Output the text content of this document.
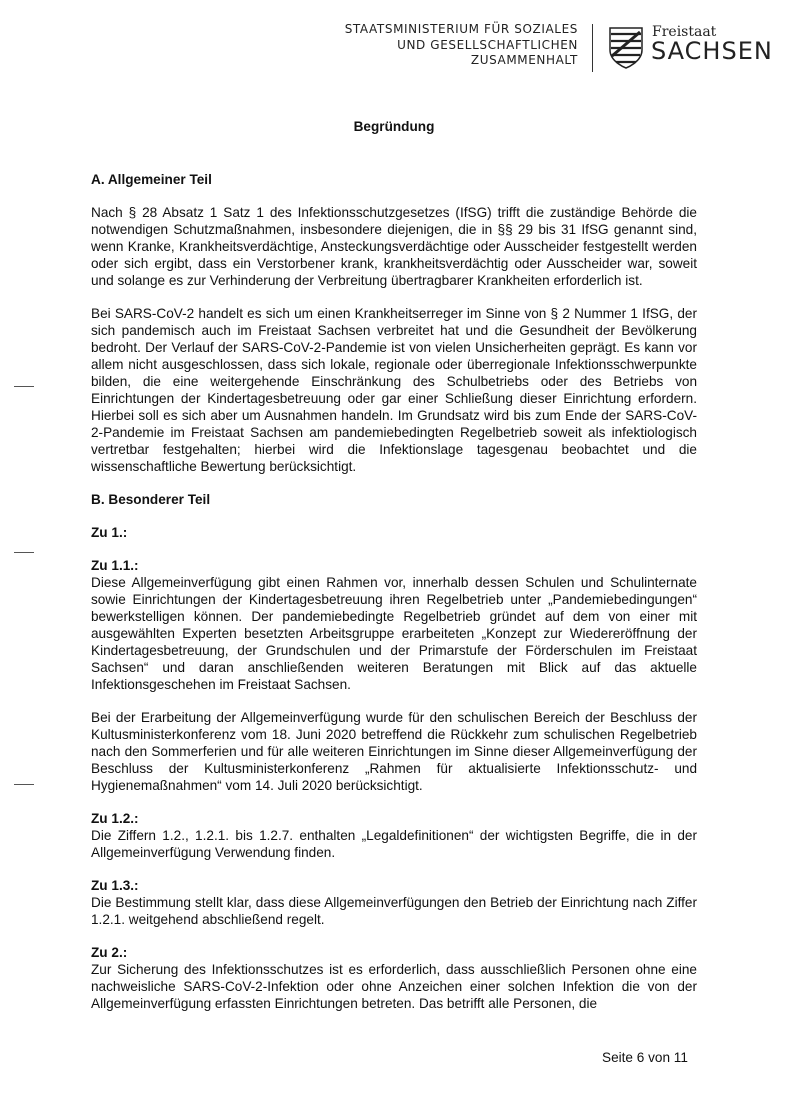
STAATSMINISTERIUM FÜR SOZIALES
UND GESELLSCHAFTLICHEN
ZUSAMMENHALT
Freistaat
SACHSEN
Begründung
A. Allgemeiner Teil
Nach § 28 Absatz 1 Satz 1 des Infektionsschutzgesetzes (IfSG) trifft die zuständige Behörde die notwendigen Schutzmaßnahmen, insbesondere diejenigen, die in §§ 29 bis 31 IfSG genannt sind, wenn Kranke, Krankheitsverdächtige, Ansteckungsverdächtige oder Ausscheider festgestellt werden oder sich ergibt, dass ein Verstorbener krank, krankheitsverdächtig oder Ausscheider war, soweit und solange es zur Verhinderung der Verbreitung übertragbarer Krankheiten erforderlich ist.
Bei SARS-CoV-2 handelt es sich um einen Krankheitserreger im Sinne von § 2 Nummer 1 IfSG, der sich pandemisch auch im Freistaat Sachsen verbreitet hat und die Gesundheit der Bevölkerung bedroht. Der Verlauf der SARS-CoV-2-Pandemie ist von vielen Unsicherheiten geprägt. Es kann vor allem nicht ausgeschlossen, dass sich lokale, regionale oder überregionale Infektionsschwerpunkte bilden, die eine weitergehende Einschränkung des Schulbetriebs oder des Betriebs von Einrichtungen der Kindertagesbetreuung oder gar einer Schließung dieser Einrichtung erfordern. Hierbei soll es sich aber um Ausnahmen handeln. Im Grundsatz wird bis zum Ende der SARS-CoV-2-Pandemie im Freistaat Sachsen am pandemiebedingten Regelbetrieb soweit als infektiologisch vertretbar festgehalten; hierbei wird die Infektionslage tagesgenau beobachtet und die wissenschaftliche Bewertung berücksichtigt.
B. Besonderer Teil
Zu 1.:
Zu 1.1.:
Diese Allgemeinverfügung gibt einen Rahmen vor, innerhalb dessen Schulen und Schulinternate sowie Einrichtungen der Kindertagesbetreuung ihren Regelbetrieb unter „Pandemiebedingungen“ bewerkstelligen können. Der pandemiebedingte Regelbetrieb gründet auf dem von einer mit ausgewählten Experten besetzten Arbeitsgruppe erarbeiteten „Konzept zur Wiedereröffnung der Kindertagesbetreuung, der Grundschulen und der Primarstufe der Förderschulen im Freistaat Sachsen“ und daran anschließenden weiteren Beratungen mit Blick auf das aktuelle Infektionsgeschehen im Freistaat Sachsen.
Bei der Erarbeitung der Allgemeinverfügung wurde für den schulischen Bereich der Beschluss der Kultusministerkonferenz vom 18. Juni 2020 betreffend die Rückkehr zum schulischen Regelbetrieb nach den Sommerferien und für alle weiteren Einrichtungen im Sinne dieser Allgemeinverfügung der Beschluss der Kultusministerkonferenz „Rahmen für aktualisierte Infektionsschutz- und Hygienemaßnahmen“ vom 14. Juli 2020 berücksichtigt.
Zu 1.2.:
Die Ziffern 1.2., 1.2.1. bis 1.2.7. enthalten „Legaldefinitionen“ der wichtigsten Begriffe, die in der Allgemeinverfügung Verwendung finden.
Zu 1.3.:
Die Bestimmung stellt klar, dass diese Allgemeinverfügungen den Betrieb der Einrichtung nach Ziffer 1.2.1. weitgehend abschließend regelt.
Zu 2.:
Zur Sicherung des Infektionsschutzes ist es erforderlich, dass ausschließlich Personen ohne eine nachweisliche SARS-CoV-2-Infektion oder ohne Anzeichen einer solchen Infektion die von der Allgemeinverfügung erfassten Einrichtungen betreten. Das betrifft alle Personen, die
Seite 6 von 11
